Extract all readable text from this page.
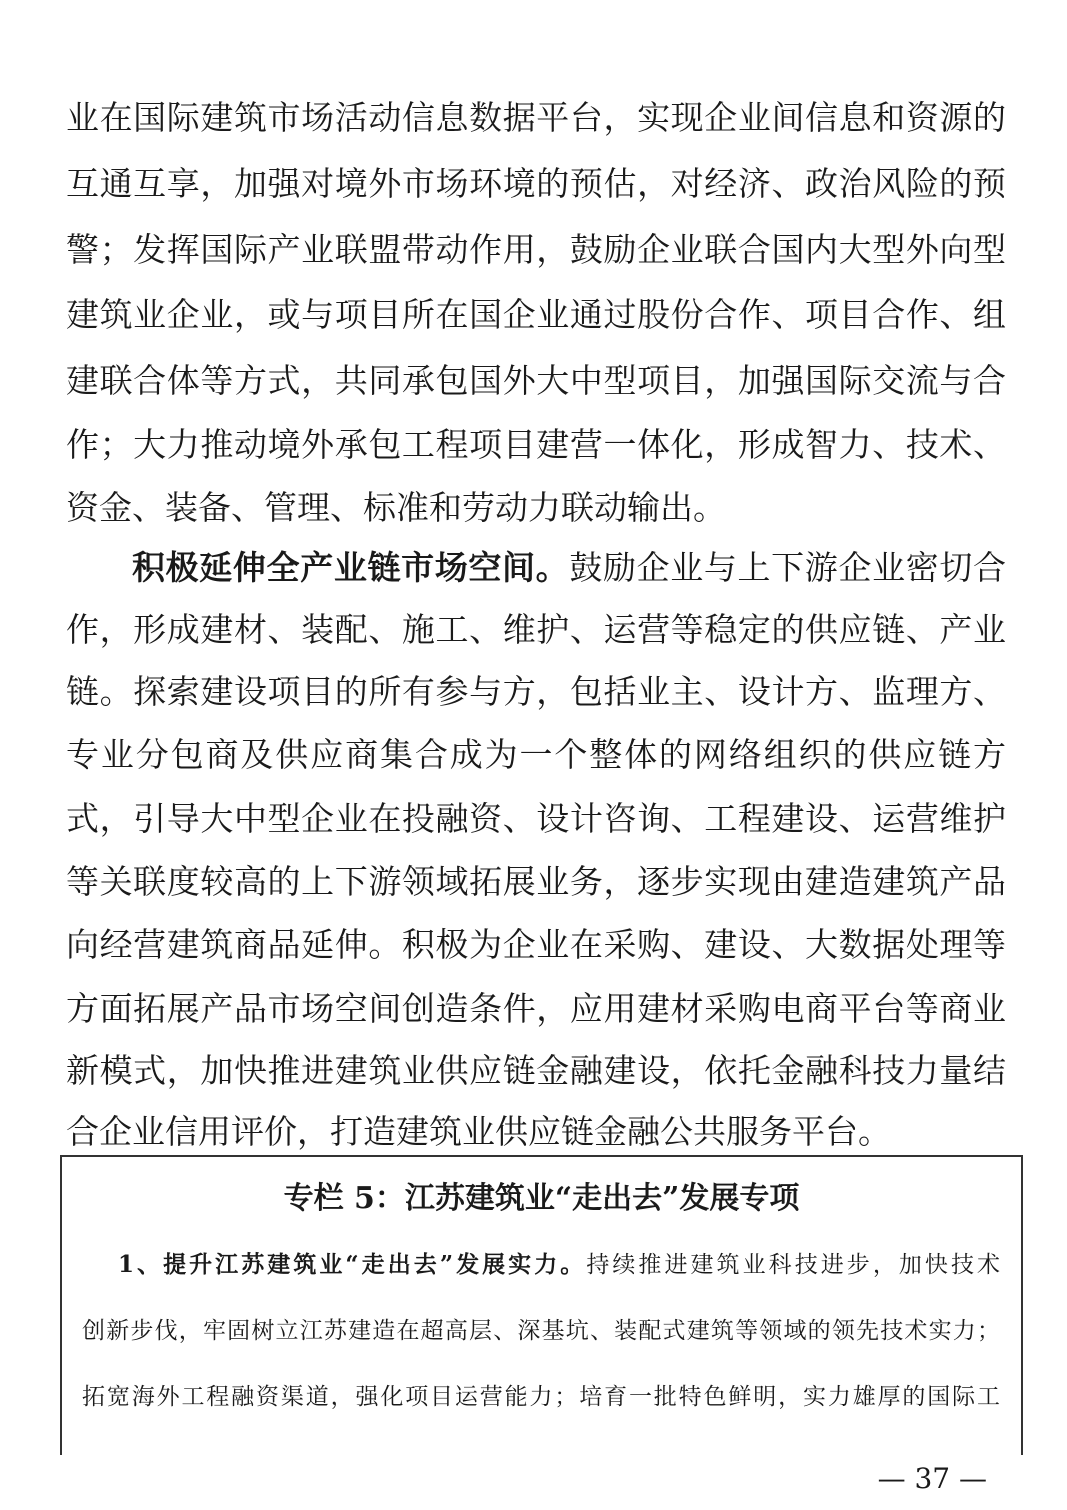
业在国际建筑市场活动信息数据平台，实现企业间信息和资源的
互通互享，加强对境外市场环境的预估，对经济、政治风险的预
警；发挥国际产业联盟带动作用，鼓励企业联合国内大型外向型
建筑业企业，或与项目所在国企业通过股份合作、项目合作、组
建联合体等方式，共同承包国外大中型项目，加强国际交流与合
作；大力推动境外承包工程项目建营一体化，形成智力、技术、
资金、装备、管理、标准和劳动力联动输出。
积极延伸全产业链市场空间。鼓励企业与上下游企业密切合
作，形成建材、装配、施工、维护、运营等稳定的供应链、产业
链。探索建设项目的所有参与方，包括业主、设计方、监理方、
专业分包商及供应商集合成为一个整体的网络组织的供应链方
式，引导大中型企业在投融资、设计咨询、工程建设、运营维护
等关联度较高的上下游领域拓展业务，逐步实现由建造建筑产品
向经营建筑商品延伸。积极为企业在采购、建设、大数据处理等
方面拓展产品市场空间创造条件，应用建材采购电商平台等商业
新模式，加快推进建筑业供应链金融建设，依托金融科技力量结
合企业信用评价，打造建筑业供应链金融公共服务平台。
专栏 5：江苏建筑业“走出去”发展专项
1、提升江苏建筑业“走出去”发展实力。持续推进建筑业科技进步，加快技术
创新步伐，牢固树立江苏建造在超高层、深基坑、装配式建筑等领域的领先技术实力；
拓宽海外工程融资渠道，强化项目运营能力；培育一批特色鲜明，实力雄厚的国际工
— 37 —
